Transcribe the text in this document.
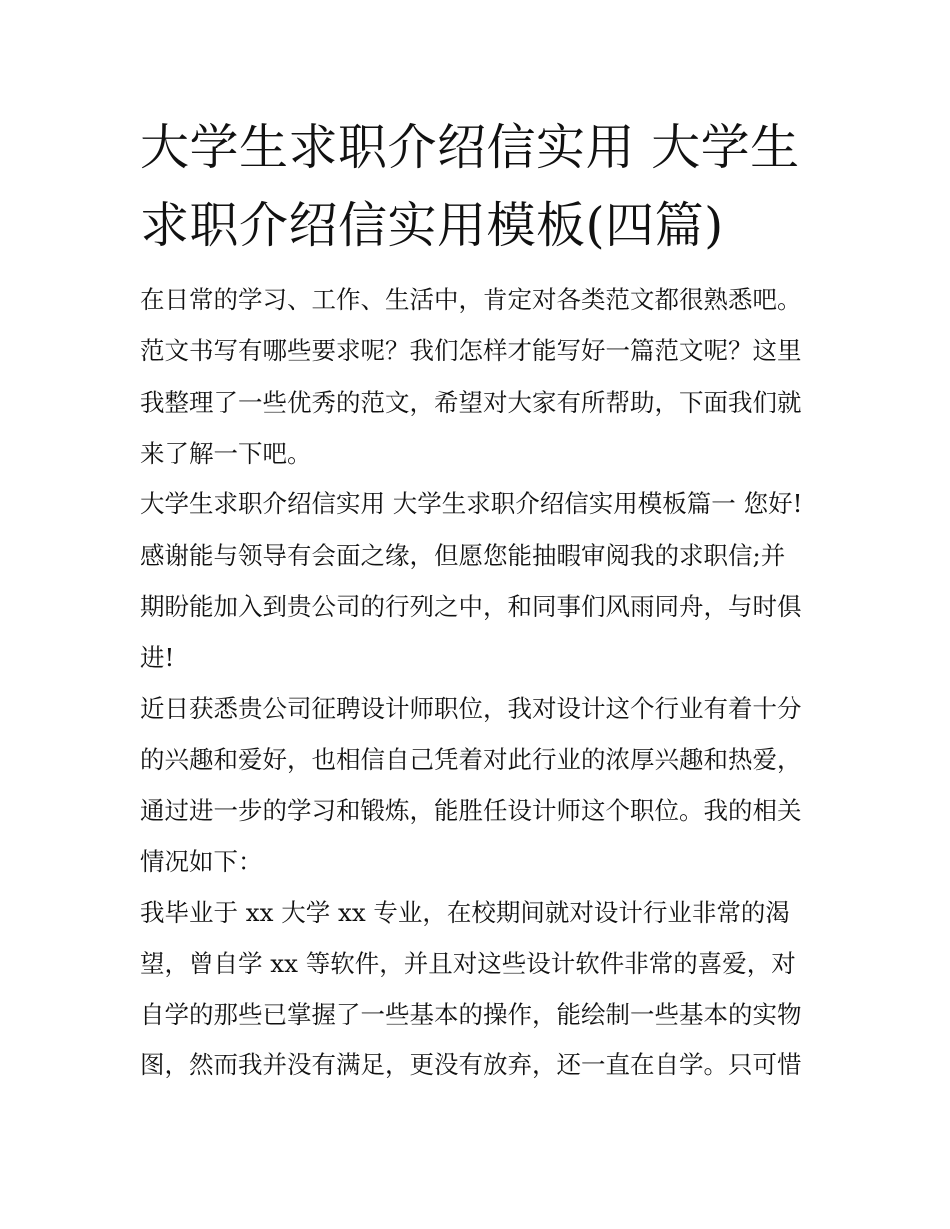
大学生求职介绍信实用 大学生
求职介绍信实用模板(四篇)

在日常的学习、工作、生活中，肯定对各类范文都很熟悉吧。

范文书写有哪些要求呢？我们怎样才能写好一篇范文呢？这里

我整理了一些优秀的范文，希望对大家有所帮助，下面我们就

来了解一下吧。

大学生求职介绍信实用 大学生求职介绍信实用模板篇一 您好!

感谢能与领导有会面之缘，但愿您能抽暇审阅我的求职信;并

期盼能加入到贵公司的行列之中，和同事们风雨同舟，与时俱

进!

近日获悉贵公司征聘设计师职位，我对设计这个行业有着十分

的兴趣和爱好，也相信自己凭着对此行业的浓厚兴趣和热爱，

通过进一步的学习和锻炼，能胜任设计师这个职位。我的相关

情况如下：

我毕业于 xx 大学 xx 专业，在校期间就对设计行业非常的渴

望，曾自学 xx 等软件，并且对这些设计软件非常的喜爱，对

自学的那些已掌握了一些基本的操作，能绘制一些基本的实物

图，然而我并没有满足，更没有放弃，还一直在自学。只可惜
